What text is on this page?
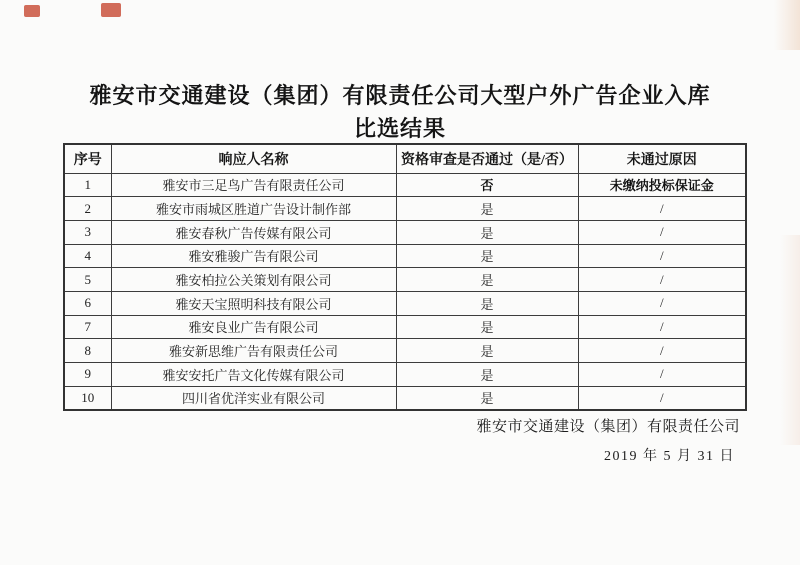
雅安市交通建设（集团）有限责任公司大型户外广告企业入库
比选结果
序号	响应人名称	资格审查是否通过（是/否）	未通过原因
1	雅安市三足鸟广告有限责任公司	否	未缴纳投标保证金
2	雅安市雨城区胜道广告设计制作部	是	/
3	雅安春秋广告传媒有限公司	是	/
4	雅安雅骏广告有限公司	是	/
5	雅安柏拉公关策划有限公司	是	/
6	雅安天宝照明科技有限公司	是	/
7	雅安良业广告有限公司	是	/
8	雅安新思维广告有限责任公司	是	/
9	雅安安托广告文化传媒有限公司	是	/
10	四川省优洋实业有限公司	是	/
雅安市交通建设（集团）有限责任公司
2019 年 5 月 31 日
